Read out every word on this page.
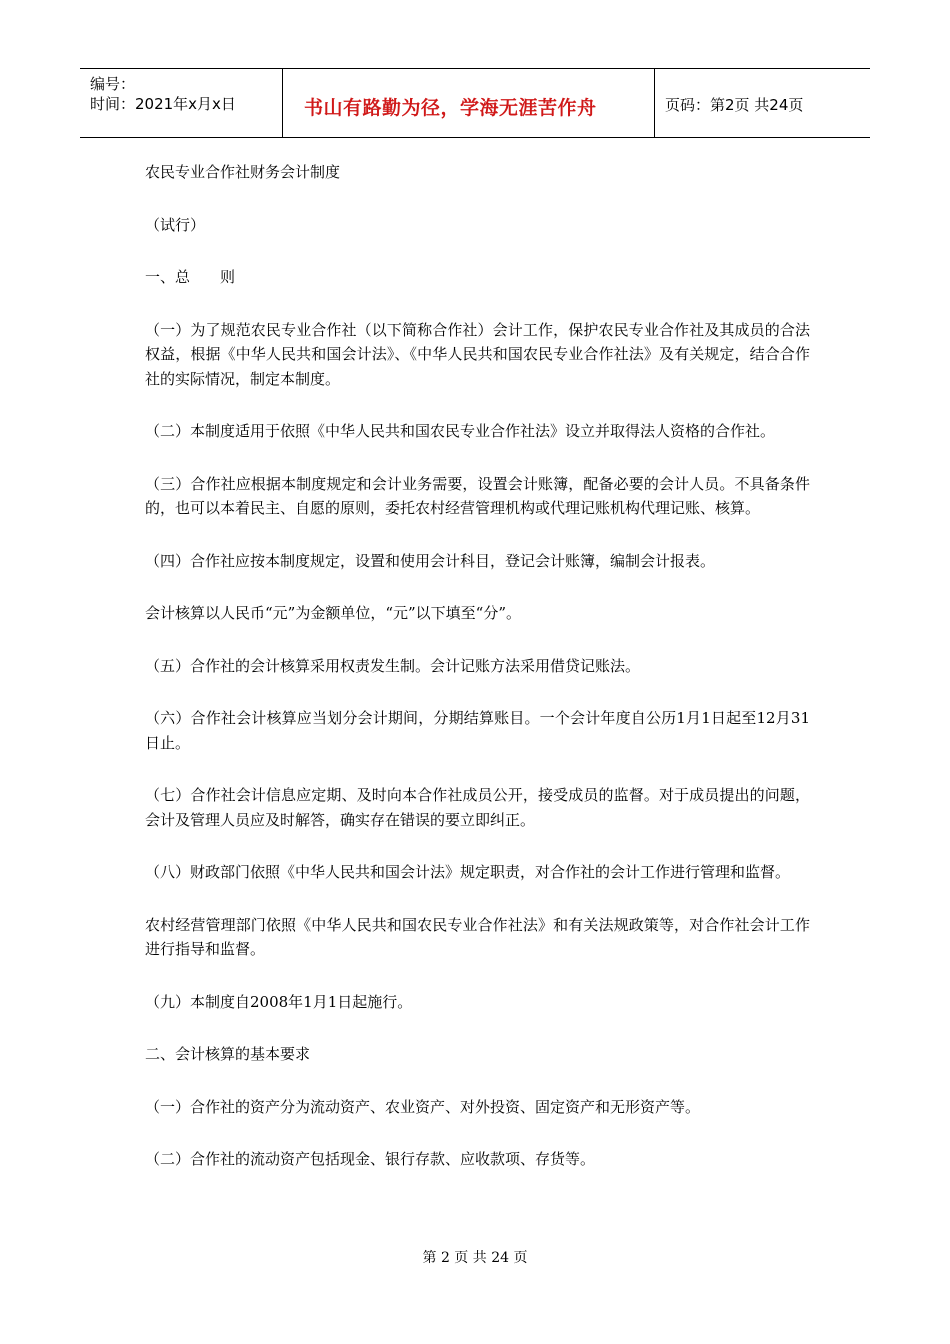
编号：
时间：2021年x月x日	书山有路勤为径，学海无涯苦作舟	页码：第2页 共24页

农民专业合作社财务会计制度

（试行）

一、总　　则

（一）为了规范农民专业合作社（以下简称合作社）会计工作，保护农民专业合作社及其成员的合法权益，根据《中华人民共和国会计法》、《中华人民共和国农民专业合作社法》及有关规定，结合合作社的实际情况，制定本制度。

（二）本制度适用于依照《中华人民共和国农民专业合作社法》设立并取得法人资格的合作社。

（三）合作社应根据本制度规定和会计业务需要，设置会计账簿，配备必要的会计人员。不具备条件的，也可以本着民主、自愿的原则，委托农村经营管理机构或代理记账机构代理记账、核算。

（四）合作社应按本制度规定，设置和使用会计科目，登记会计账簿，编制会计报表。

会计核算以人民币“元”为金额单位，“元”以下填至“分”。

（五）合作社的会计核算采用权责发生制。会计记账方法采用借贷记账法。

（六）合作社会计核算应当划分会计期间，分期结算账目。一个会计年度自公历1月1日起至12月31日止。

（七）合作社会计信息应定期、及时向本合作社成员公开，接受成员的监督。对于成员提出的问题，会计及管理人员应及时解答，确实存在错误的要立即纠正。

（八）财政部门依照《中华人民共和国会计法》规定职责，对合作社的会计工作进行管理和监督。

农村经营管理部门依照《中华人民共和国农民专业合作社法》和有关法规政策等，对合作社会计工作进行指导和监督。

（九）本制度自2008年1月1日起施行。

二、会计核算的基本要求

（一）合作社的资产分为流动资产、农业资产、对外投资、固定资产和无形资产等。

（二）合作社的流动资产包括现金、银行存款、应收款项、存货等。

第 2 页 共 24 页
